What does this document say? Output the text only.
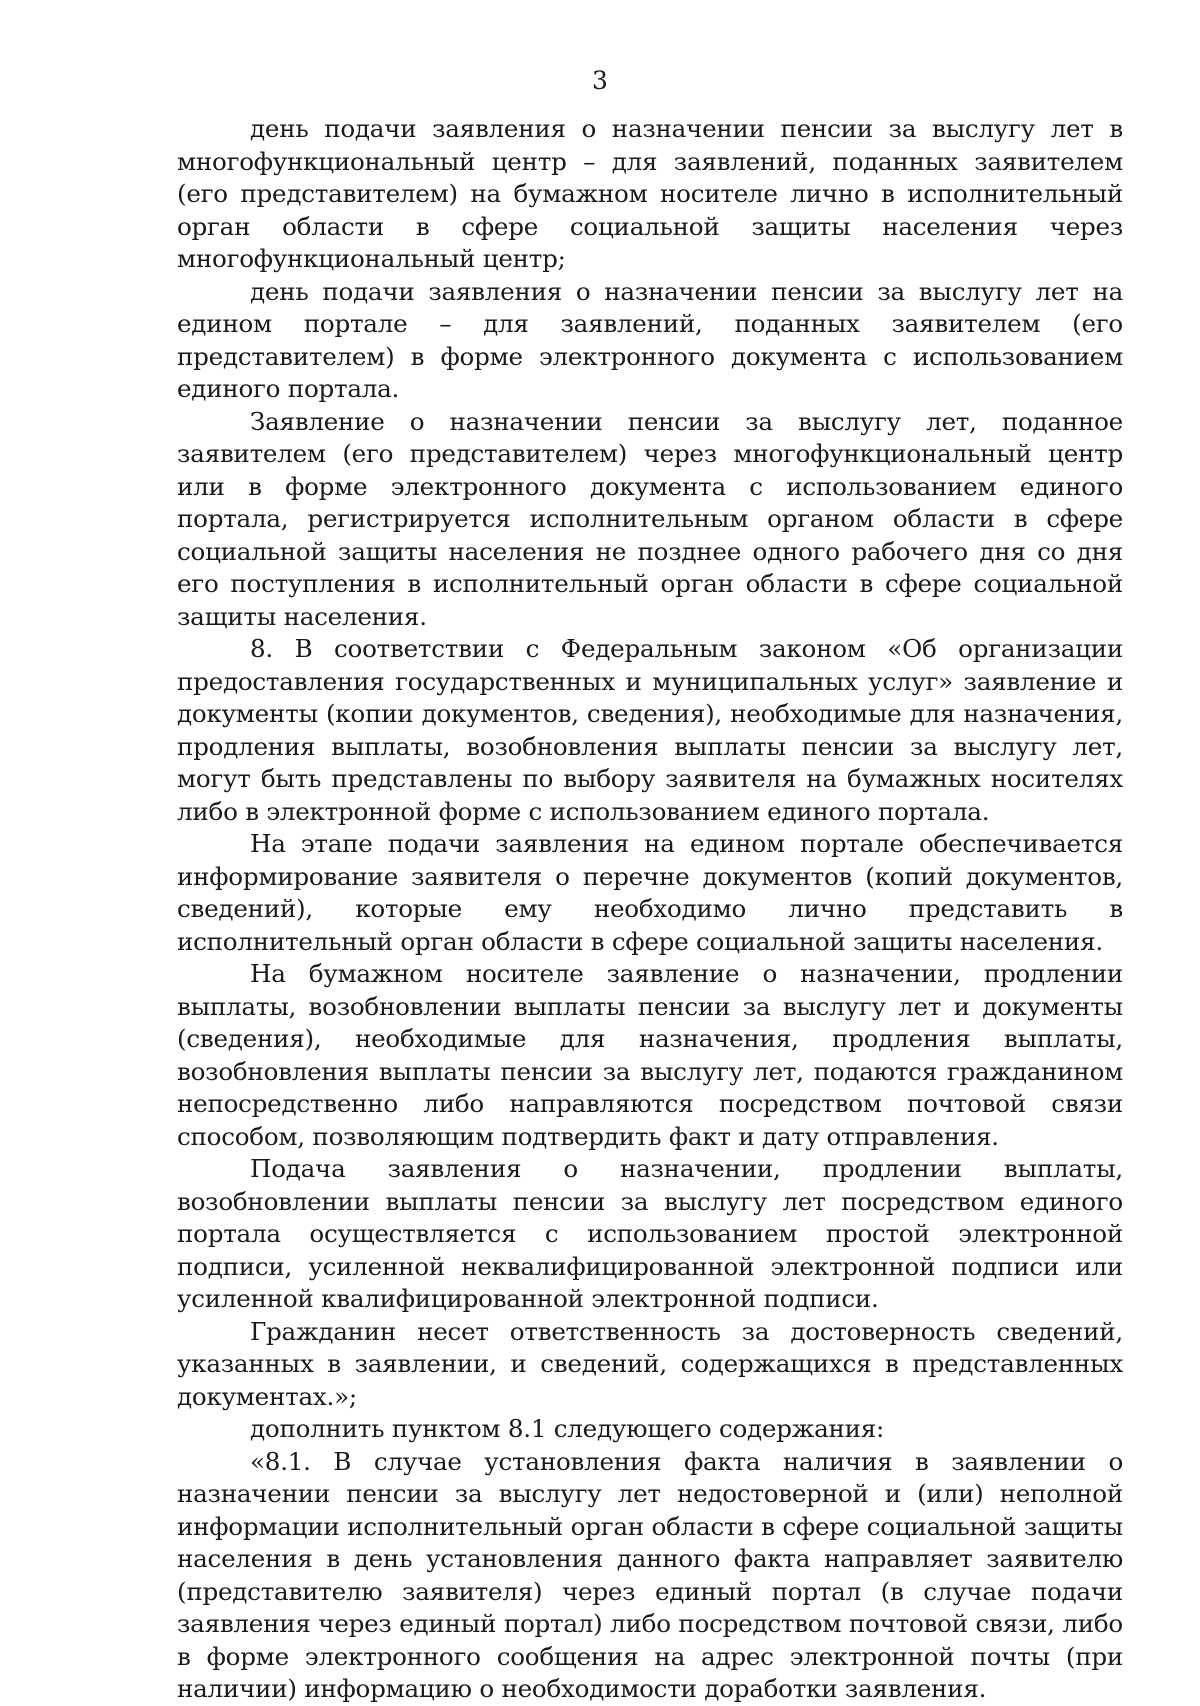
3

день подачи заявления о назначении пенсии за выслугу лет в многофункциональный центр – для заявлений, поданных заявителем (его представителем) на бумажном носителе лично в исполнительный орган области в сфере социальной защиты населения через многофункциональный центр;

день подачи заявления о назначении пенсии за выслугу лет на едином портале – для заявлений, поданных заявителем (его представителем) в форме электронного документа с использованием единого портала.

Заявление о назначении пенсии за выслугу лет, поданное заявителем (его представителем) через многофункциональный центр или в форме электронного документа с использованием единого портала, регистрируется исполнительным органом области в сфере социальной защиты населения не позднее одного рабочего дня со дня его поступления в исполнительный орган области в сфере социальной защиты населения.

8. В соответствии с Федеральным законом «Об организации предоставления государственных и муниципальных услуг» заявление и документы (копии документов, сведения), необходимые для назначения, продления выплаты, возобновления выплаты пенсии за выслугу лет, могут быть представлены по выбору заявителя на бумажных носителях либо в электронной форме с использованием единого портала.

На этапе подачи заявления на едином портале обеспечивается информирование заявителя о перечне документов (копий документов, сведений), которые ему необходимо лично представить в исполнительный орган области в сфере социальной защиты населения.

На бумажном носителе заявление о назначении, продлении выплаты, возобновлении выплаты пенсии за выслугу лет и документы (сведения), необходимые для назначения, продления выплаты, возобновления выплаты пенсии за выслугу лет, подаются гражданином непосредственно либо направляются посредством почтовой связи способом, позволяющим подтвердить факт и дату отправления.

Подача заявления о назначении, продлении выплаты, возобновлении выплаты пенсии за выслугу лет посредством единого портала осуществляется с использованием простой электронной подписи, усиленной неквалифицированной электронной подписи или усиленной квалифицированной электронной подписи.

Гражданин несет ответственность за достоверность сведений, указанных в заявлении, и сведений, содержащихся в представленных документах.»;

дополнить пунктом 8.1 следующего содержания:

«8.1. В случае установления факта наличия в заявлении о назначении пенсии за выслугу лет недостоверной и (или) неполной информации исполнительный орган области в сфере социальной защиты населения в день установления данного факта направляет заявителю (представителю заявителя) через единый портал (в случае подачи заявления через единый портал) либо посредством почтовой связи, либо в форме электронного сообщения на адрес электронной почты (при наличии) информацию о необходимости доработки заявления.
